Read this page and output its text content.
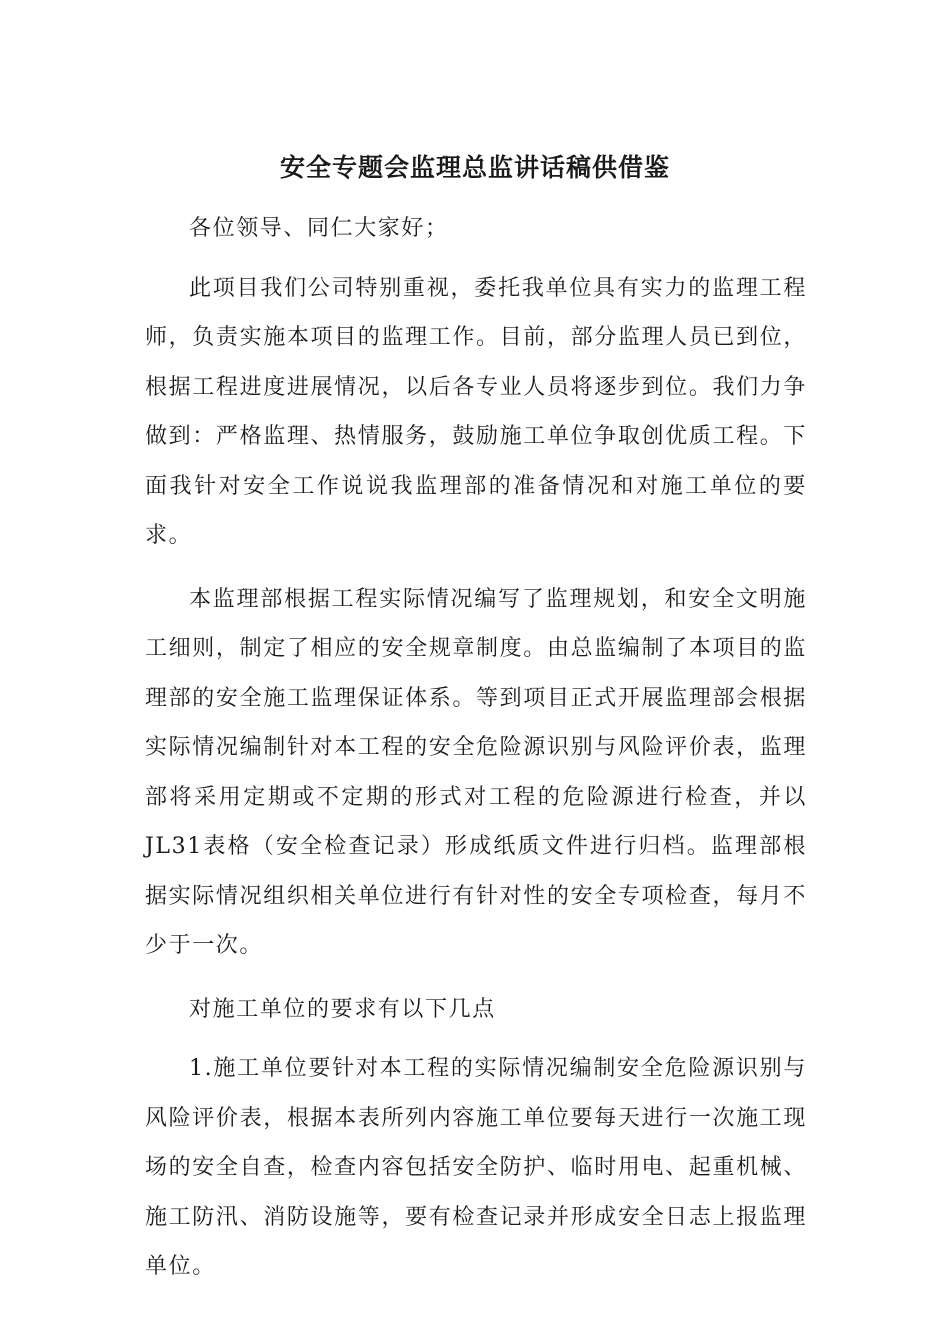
安全专题会监理总监讲话稿供借鉴

各位领导、同仁大家好；

此项目我们公司特别重视，委托我单位具有实力的监理工程师，负责实施本项目的监理工作。目前，部分监理人员已到位，根据工程进度进展情况，以后各专业人员将逐步到位。我们力争做到：严格监理、热情服务，鼓励施工单位争取创优质工程。下面我针对安全工作说说我监理部的准备情况和对施工单位的要求。

本监理部根据工程实际情况编写了监理规划，和安全文明施工细则，制定了相应的安全规章制度。由总监编制了本项目的监理部的安全施工监理保证体系。等到项目正式开展监理部会根据实际情况编制针对本工程的安全危险源识别与风险评价表，监理部将采用定期或不定期的形式对工程的危险源进行检查，并以JL31表格（安全检查记录）形成纸质文件进行归档。监理部根据实际情况组织相关单位进行有针对性的安全专项检查，每月不少于一次。

对施工单位的要求有以下几点

1.施工单位要针对本工程的实际情况编制安全危险源识别与风险评价表，根据本表所列内容施工单位要每天进行一次施工现场的安全自查，检查内容包括安全防护、临时用电、起重机械、施工防汛、消防设施等，要有检查记录并形成安全日志上报监理单位。
